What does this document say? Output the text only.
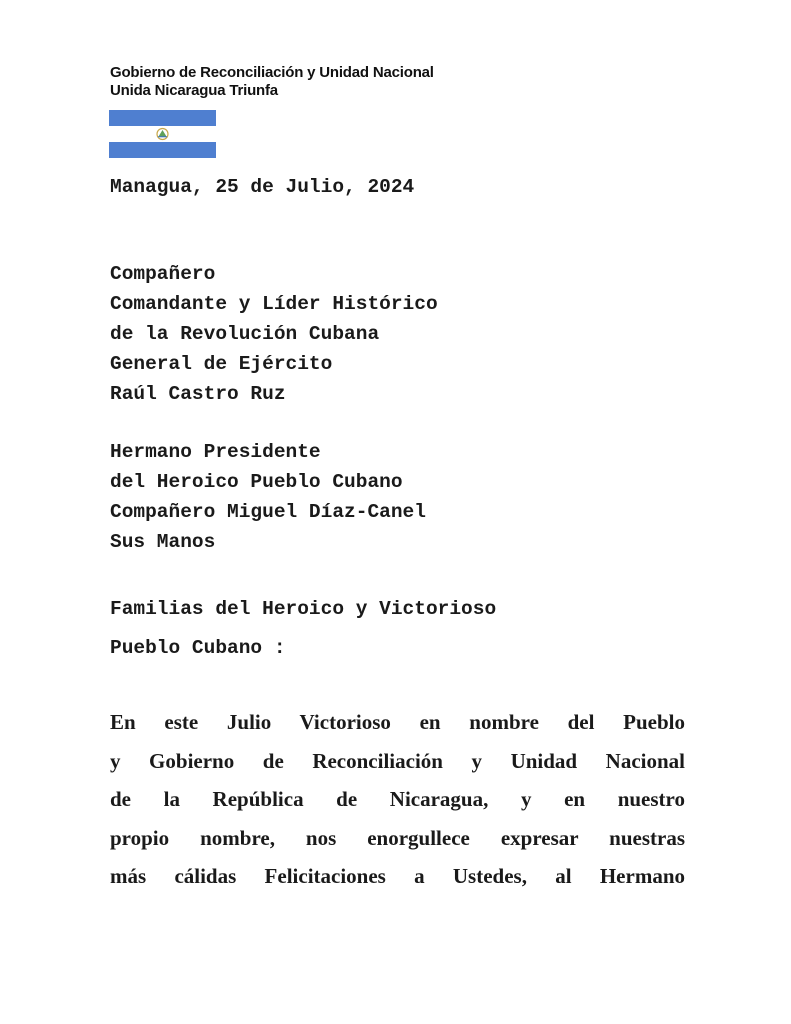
Gobierno de Reconciliación y Unidad Nacional
Unida Nicaragua Triunfa
Managua, 25 de Julio, 2024
Compañero
Comandante y Líder Histórico
de la Revolución Cubana
General de Ejército
Raúl Castro Ruz
Hermano Presidente
del Heroico Pueblo Cubano
Compañero Miguel Díaz-Canel
Sus Manos
Familias del Heroico y Victorioso
Pueblo Cubano :
En este Julio Victorioso en nombre del Pueblo
y Gobierno de Reconciliación y Unidad Nacional
de la República de Nicaragua, y en nuestro
propio nombre, nos enorgullece expresar nuestras
más cálidas Felicitaciones a Ustedes, al Hermano
